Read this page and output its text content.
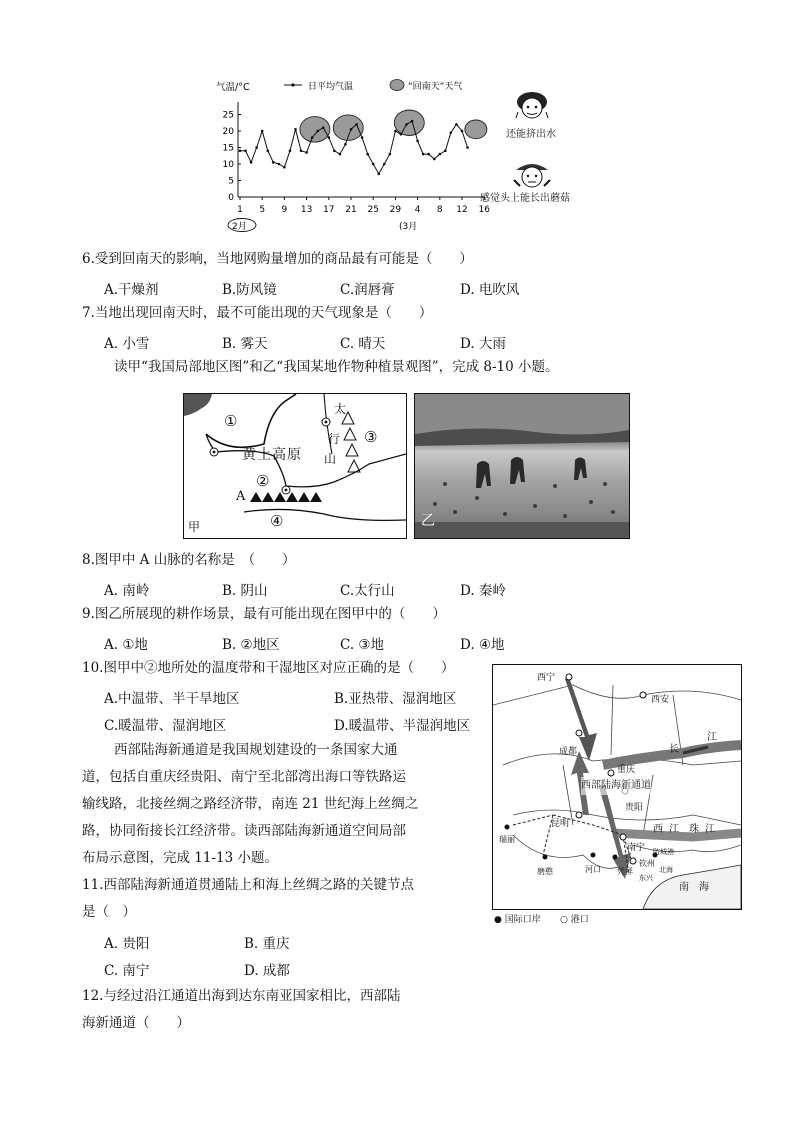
气温/°C	日平均气温	“回南天”天气
0
5
10
15
20
25
1 5 9 13 17 21 25 29 4 8 12 16
2月	(3月
还能挤出水
感觉头上能长出蘑菇
6.受到回南天的影响，当地网购量增加的商品最有可能是（　　）
A.干燥剂	B.防风镜	C.润唇膏	D. 电吹风
7.当地出现回南天时，最不可能出现的天气现象是（　　）
A. 小雪	B. 雾天	C. 晴天	D. 大雨
读甲“我国局部地区图”和乙“我国某地作物种植景观图”，完成 8-10 小题。
①
黄土高原
太
行
山
③
②
A
④
甲	乙
8.图甲中 A 山脉的名称是　（　　）
A. 南岭	B. 阴山	C.太行山	D. 秦岭
9.图乙所展现的耕作场景，最有可能出现在图甲中的（　　）
A. ①地	B. ②地区	C. ③地	D. ④地
10.图甲中②地所处的温度带和干湿地区对应正确的是（　　）
A.中温带、半干旱地区	B.亚热带、湿润地区
C.暖温带、湿润地区	D.暖温带、半湿润地区
西部陆海新通道是我国规划建设的一条国家大通
道，包括自重庆经贵阳、南宁至北部湾出海口等铁路运
输线路，北接丝绸之路经济带，南连 21 世纪海上丝绸之
路，协同衔接长江经济带。读西部陆海新通道空间局部
布局示意图，完成 11-13 小题。
西宁
西安
成都
重庆
贵阳
昆明
南宁
钦州
瑞丽
河口
磨憨	凭祥
东兴
防城港
北海
长
江
西 江 珠 江
西部陆海新通道
南　海
● 国际口岸 ○ 港口
11.西部陆海新通道贯通陆上和海上丝绸之路的关键节点
是（　）
A. 贵阳	B. 重庆
C. 南宁	D. 成都
12.与经过沿江通道出海到达东南亚国家相比，西部陆
海新通道（　　）
